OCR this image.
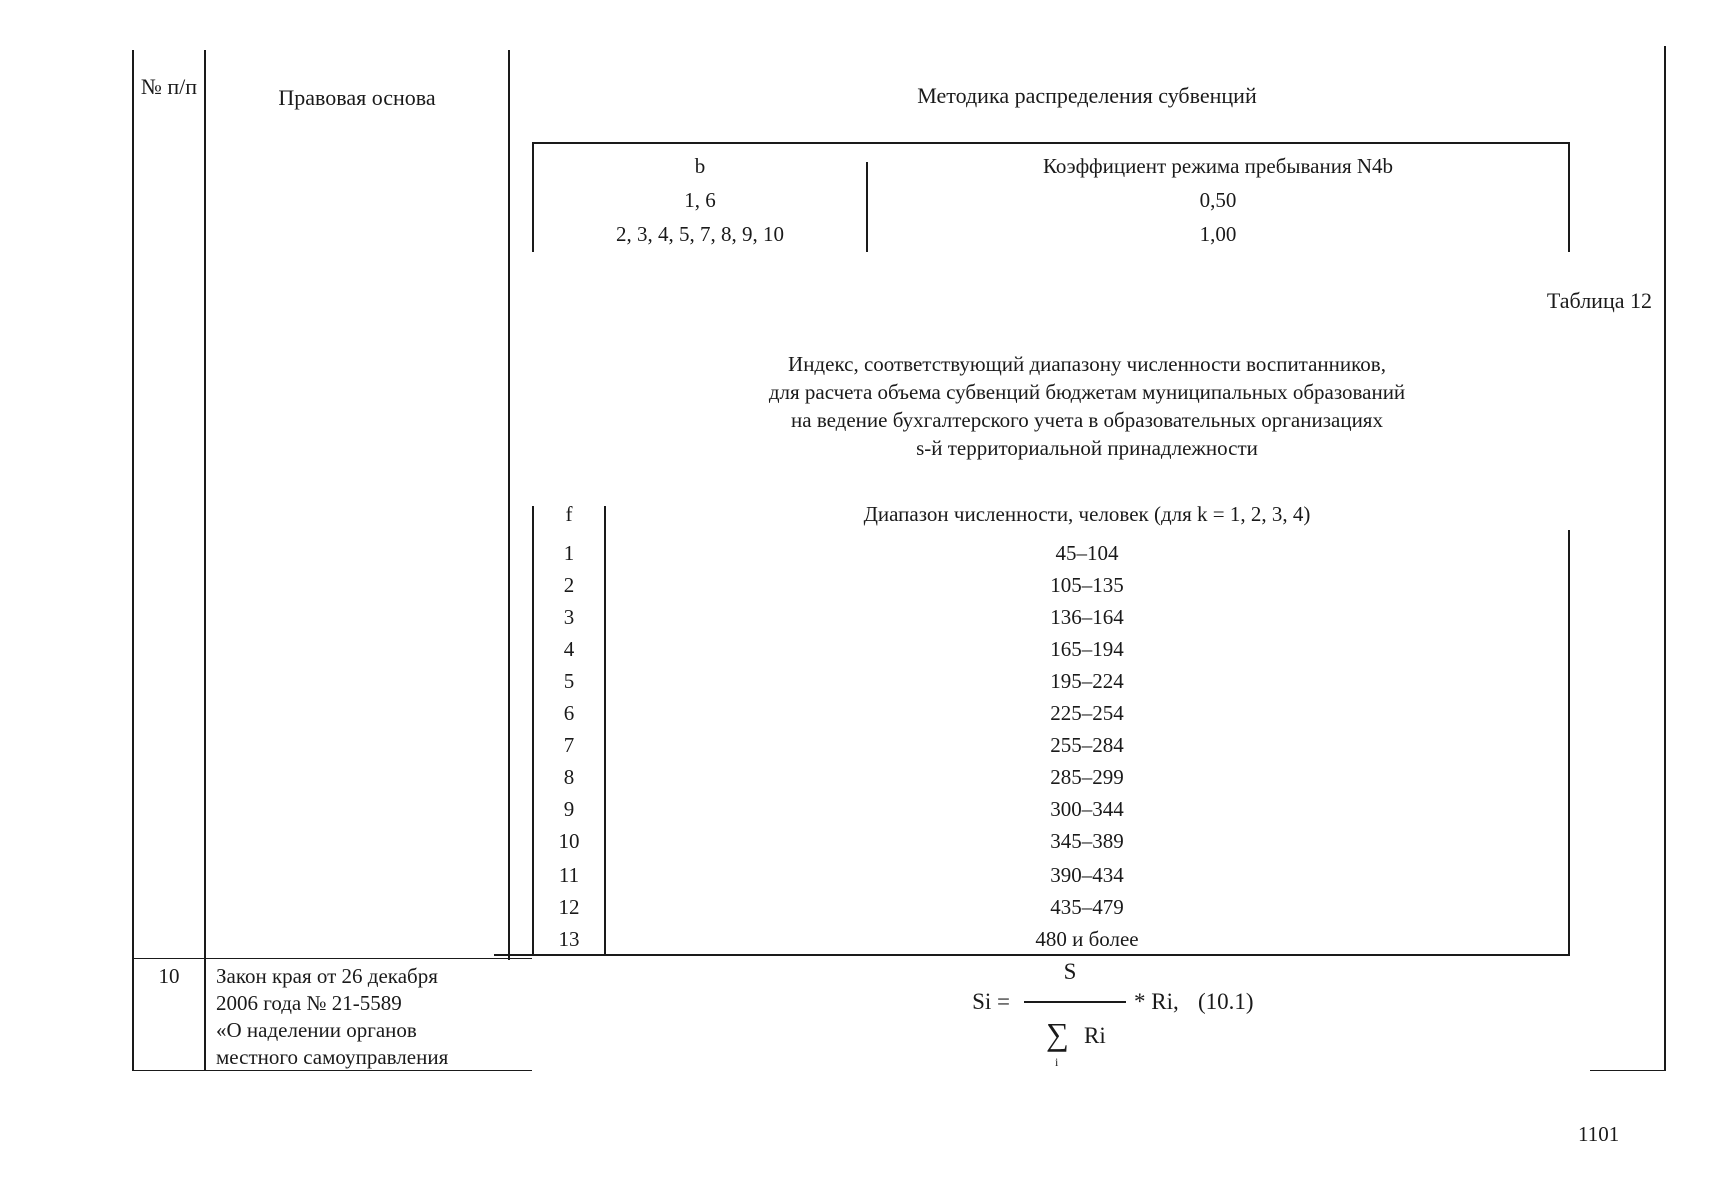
№ п/п	Правовая основа	Методика распределения субвенций
b	Коэффициент режима пребывания N4b
1, 6	0,50
2, 3, 4, 5, 7, 8, 9, 10	1,00
Таблица 12
Индекс, соответствующий диапазону численности воспитанников,
для расчета объема субвенций бюджетам муниципальных образований
на ведение бухгалтерского учета в образовательных организациях
s-й территориальной принадлежности
f	Диапазон численности, человек (для k = 1, 2, 3, 4)
1	45–104
2	105–135
3	136–164
4	165–194
5	195–224
6	225–254
7	255–284
8	285–299
9	300–344
10	345–389
11	390–434
12	435–479
13	480 и более
10	Закон края от 26 декабря
2006 года № 21-5589
«О наделении органов
местного самоуправления
S
Si =	* Ri, (10.1)
∑ Ri
i
1101
